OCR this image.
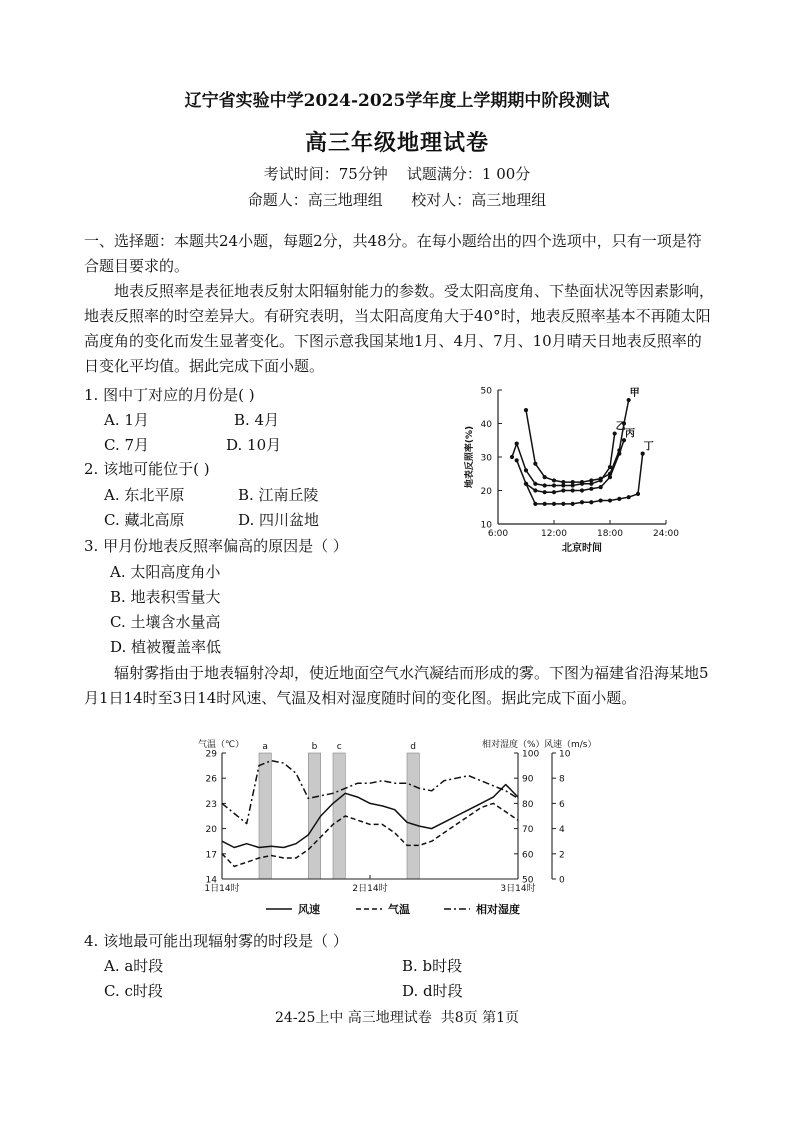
辽宁省实验中学2024-2025学年度上学期期中阶段测试
高三年级地理试卷
考试时间：75分钟    试题满分：1 00分
命题人：高三地理组      校对人：高三地理组

一、选择题：本题共24小题，每题2分，共48分。在每小题给出的四个选项中，只有一项是符合题目要求的。

地表反照率是表征地表反射太阳辐射能力的参数。受太阳高度角、下垫面状况等因素影响，地表反照率的时空差异大。有研究表明，当太阳高度角大于40°时，地表反照率基本不再随太阳高度角的变化而发生显著变化。下图示意我国某地1月、4月、7月、10月晴天日地表反照率的日变化平均值。据此完成下面小题。

1. 图中丁对应的月份是( )
A. 1月	B. 4月
C. 7月	D. 10月
2. 该地可能位于( )
A. 东北平原	B. 江南丘陵
C. 藏北高原	D. 四川盆地
3. 甲月份地表反照率偏高的原因是（ ）
A. 太阳高度角小
B. 地表积雪量大
C. 土壤含水量高
D. 植被覆盖率低
10
20
30
40
50
6:00	12:00	18:00	24:00
北京时间
地表反照率(%)
甲
乙
丙
丁

辐射雾指由于地表辐射冷却，使近地面空气水汽凝结而形成的雾。下图为福建省沿海某地5月1日14时至3日14时风速、气温及相对湿度随时间的变化图。据此完成下面小题。

a	b c	d
14
17
20
23
26
29
50
60
70
80
90
100
0
2
4
6
8
10
1日14时	2日14时	3日14时
气温（℃）	相对湿度（%） 风速（m/s）
风速	气温	相对湿度
4. 该地最可能出现辐射雾的时段是（ ）
A. a时段	B. b时段
C. c时段	D. d时段
24-25上中 高三地理试卷  共8页 第1页
